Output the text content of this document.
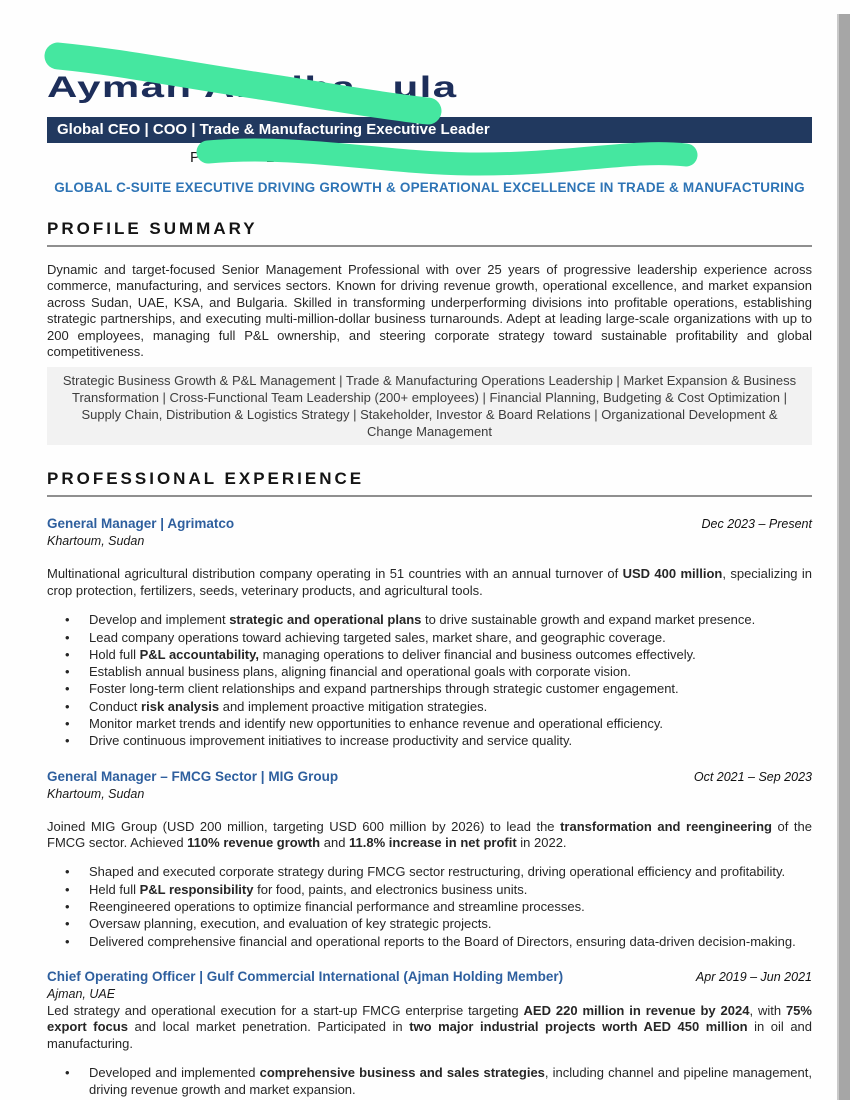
Ayman A. Elba ula
Global CEO | COO | Trade & Manufacturing Executive Leader
P	+201010554685 ✉
GLOBAL C-SUITE EXECUTIVE DRIVING GROWTH & OPERATIONAL EXCELLENCE IN TRADE & MANUFACTURING
PROFILE SUMMARY

Dynamic and target-focused Senior Management Professional with over 25 years of progressive leadership experience across commerce, manufacturing, and services sectors. Known for driving revenue growth, operational excellence, and market expansion across Sudan, UAE, KSA, and Bulgaria. Skilled in transforming underperforming divisions into profitable operations, establishing strategic partnerships, and executing multi-million-dollar business turnarounds. Adept at leading large-scale organizations with up to 200 employees, managing full P&L ownership, and steering corporate strategy toward sustainable profitability and global competitiveness.

Strategic Business Growth & P&L Management | Trade & Manufacturing Operations Leadership | Market Expansion & Business Transformation | Cross-Functional Team Leadership (200+ employees) | Financial Planning, Budgeting & Cost Optimization | Supply Chain, Distribution & Logistics Strategy | Stakeholder, Investor & Board Relations | Organizational Development & Change Management
PROFESSIONAL EXPERIENCE
General Manager | Agrimatco	Dec 2023 – Present
Khartoum, Sudan

Multinational agricultural distribution company operating in 51 countries with an annual turnover of USD 400 million, specializing in crop protection, fertilizers, seeds, veterinary products, and agricultural tools.

• Develop and implement strategic and operational plans to drive sustainable growth and expand market presence.
• Lead company operations toward achieving targeted sales, market share, and geographic coverage.
• Hold full P&L accountability, managing operations to deliver financial and business outcomes effectively.
• Establish annual business plans, aligning financial and operational goals with corporate vision.
• Foster long-term client relationships and expand partnerships through strategic customer engagement.
• Conduct risk analysis and implement proactive mitigation strategies.
• Monitor market trends and identify new opportunities to enhance revenue and operational efficiency.
• Drive continuous improvement initiatives to increase productivity and service quality.
General Manager – FMCG Sector | MIG Group	Oct 2021 – Sep 2023
Khartoum, Sudan

Joined MIG Group (USD 200 million, targeting USD 600 million by 2026) to lead the transformation and reengineering of the FMCG sector. Achieved 110% revenue growth and 11.8% increase in net profit in 2022.

• Shaped and executed corporate strategy during FMCG sector restructuring, driving operational efficiency and profitability.
• Held full P&L responsibility for food, paints, and electronics business units.
• Reengineered operations to optimize financial performance and streamline processes.
• Oversaw planning, execution, and evaluation of key strategic projects.
• Delivered comprehensive financial and operational reports to the Board of Directors, ensuring data-driven decision-making.
Chief Operating Officer | Gulf Commercial International (Ajman Holding Member)	Apr 2019 – Jun 2021
Ajman, UAE

Led strategy and operational execution for a start-up FMCG enterprise targeting AED 220 million in revenue by 2024, with 75% export focus and local market penetration. Participated in two major industrial projects worth AED 450 million in oil and manufacturing.

• Developed and implemented comprehensive business and sales strategies, including channel and pipeline management, driving revenue growth and market expansion.
